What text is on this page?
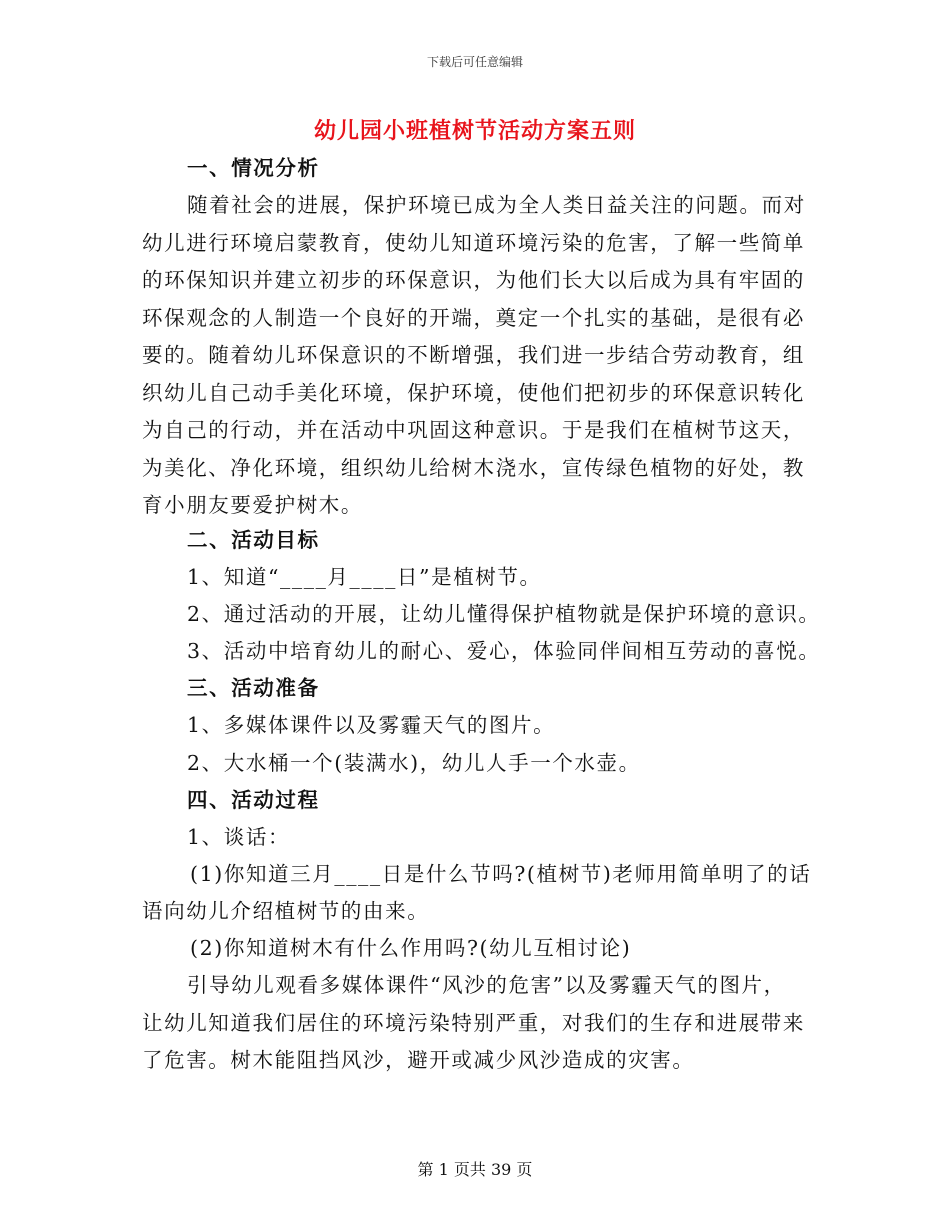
下载后可任意编辑
幼儿园小班植树节活动方案五则
一、情况分析
随着社会的进展，保护环境已成为全人类日益关注的问题。而对
幼儿进行环境启蒙教育，使幼儿知道环境污染的危害，了解一些简单
的环保知识并建立初步的环保意识，为他们长大以后成为具有牢固的
环保观念的人制造一个良好的开端，奠定一个扎实的基础，是很有必
要的。随着幼儿环保意识的不断增强，我们进一步结合劳动教育，组
织幼儿自己动手美化环境，保护环境，使他们把初步的环保意识转化
为自己的行动，并在活动中巩固这种意识。于是我们在植树节这天，
为美化、净化环境，组织幼儿给树木浇水，宣传绿色植物的好处，教
育小朋友要爱护树木。
二、活动目标
1、知道“____月____日”是植树节。
2、通过活动的开展，让幼儿懂得保护植物就是保护环境的意识。
3、活动中培育幼儿的耐心、爱心，体验同伴间相互劳动的喜悦。
三、活动准备
1、多媒体课件以及雾霾天气的图片。
2、大水桶一个(装满水)，幼儿人手一个水壶。
四、活动过程
1、谈话：
(1)你知道三月____日是什么节吗?(植树节)老师用简单明了的话
语向幼儿介绍植树节的由来。
(2)你知道树木有什么作用吗?(幼儿互相讨论)
引导幼儿观看多媒体课件“风沙的危害”以及雾霾天气的图片，
让幼儿知道我们居住的环境污染特别严重，对我们的生存和进展带来
了危害。树木能阻挡风沙，避开或减少风沙造成的灾害。
第 1 页共 39 页
